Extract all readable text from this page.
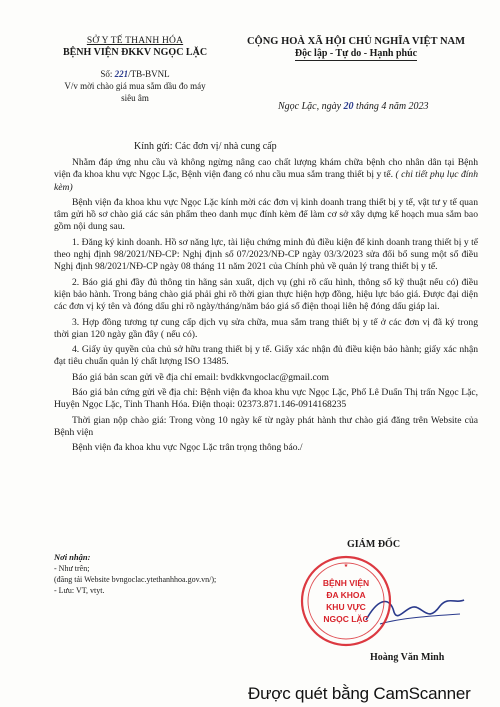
SỞ Y TẾ THANH HÓA
BỆNH VIỆN ĐKKV NGỌC LẶC
Số: 221/TB-BVNL
V/v mời chào giá mua sắm dầu đo máy
siêu âm
CỘNG HOÀ XÃ HỘI CHỦ NGHĨA VIỆT NAM
Độc lập - Tự do - Hạnh phúc
Ngọc Lặc, ngày 20 tháng 4 năm 2023
Kính gửi: Các đơn vị/ nhà cung cấp

Nhằm đáp ứng nhu cầu và không ngừng nâng cao chất lượng khám chữa bệnh cho nhân dân tại Bệnh viện đa khoa khu vực Ngọc Lặc, Bệnh viện đang có nhu cầu mua sắm trang thiết bị y tế. ( chi tiết phụ lục đính kèm)

Bệnh viện đa khoa khu vực Ngọc Lặc kính mời các đơn vị kinh doanh trang thiết bị y tế, vật tư y tế quan tâm gửi hồ sơ chào giá các sản phẩm theo danh mục đính kèm để làm cơ sở xây dựng kế hoạch mua sắm bao gồm nội dung sau.

1. Đăng ký kinh doanh. Hồ sơ năng lực, tài liệu chứng minh đủ điều kiện để kinh doanh trang thiết bị y tế theo nghị định 98/2021/NĐ-CP: Nghị định số 07/2023/NĐ-CP ngày 03/3/2023 sửa đổi bổ sung một số điều Nghị định 98/2021/NĐ-CP ngày 08 tháng 11 năm 2021 của Chính phủ về quản lý trang thiết bị y tế.

2. Báo giá ghi đầy đủ thông tin hãng sản xuất, dịch vụ (ghi rõ cấu hình, thông số kỹ thuật nếu có) điều kiện bảo hành. Trong bảng chào giá phải ghi rõ thời gian thực hiện hợp đồng, hiệu lực báo giá. Được đại diện các đơn vị ký tên và đóng dấu ghi rõ ngày/tháng/năm báo giá số điện thoại liên hệ đóng dấu giáp lai.

3. Hợp đồng tương tự cung cấp dịch vụ sửa chữa, mua sắm trang thiết bị y tế ở các đơn vị đã ký trong thời gian 120 ngày gần đây ( nếu có).

4. Giấy ủy quyền của chủ sở hữu trang thiết bị y tế. Giấy xác nhận đủ điều kiện bảo hành; giấy xác nhận đạt tiêu chuẩn quản lý chất lượng ISO 13485.

Báo giá bản scan gửi về địa chỉ email: bvdkkvngoclac@gmail.com

Báo giá bản cứng gửi về địa chỉ: Bệnh viện đa khoa khu vực Ngọc Lặc, Phố Lê Duẩn Thị trấn Ngọc Lặc, Huyện Ngọc Lặc, Tỉnh Thanh Hóa. Điện thoại: 02373.871.146-0914168235

Thời gian nộp chào giá: Trong vòng 10 ngày kể từ ngày phát hành thư chào giá đăng trên Website của Bệnh viện

Bệnh viện đa khoa khu vực Ngọc Lặc trân trọng thông báo./

Nơi nhận:
- Như trên;
(đăng tải Website bvngoclac.ytethanhhoa.gov.vn/);
- Lưu: VT, vtyt.
GIÁM ĐỐC
BỆNH VIỆN
ĐA KHOA
KHU VỰC
NGỌC LẶC
★
Hoàng Văn Minh
Được quét bằng CamScanner
